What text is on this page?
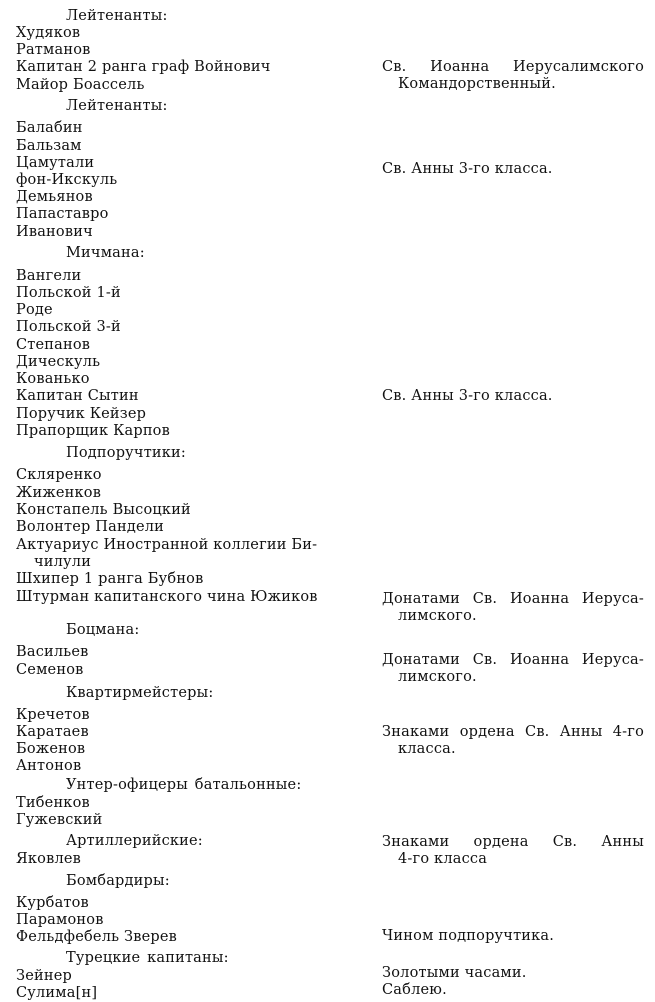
Лейтенанты:
Худяков
Ратманов
Капитан 2 ранга граф Войнович
Майор Боассель
Лейтенанты:
Балабин
Бальзам
Цамутали
фон-Икскуль
Демьянов
Папаставро
Иванович
Мичмана:
Вангели
Польской 1-й
Роде
Польской 3-й
Степанов
Дическуль
Кованько
Капитан Сытин
Поручик Кейзер
Прапорщик Карпов
Подпоручтики:
Скляренко
Жиженков
Констапель Высоцкий
Волонтер Пандели
Актуариус Иностранной коллегии Би-
чилули
Шхипер 1 ранга Бубнов
Штурман капитанского чина Южиков
Боцмана:
Васильев
Семенов
Квартирмейстеры:
Кречетов
Каратаев
Боженов
Антонов
Унтер-офицеры батальонные:
Тибенков
Гужевский
Артиллерийские:
Яковлев
Бомбардиры:
Курбатов
Парамонов
Фельдфебель Зверев
Турецкие капитаны:
Зейнер
Сулима[н]
Св. Иоанна Иерусалимского
Командорственный.
Св. Анны 3-го класса.
Св. Анны 3-го класса.
Донатами Св. Иоанна Иеруса-
лимского.
Донатами Св. Иоанна Иеруса-
лимского.
Знаками ордена Св. Анны 4-го
класса.
Знаками ордена Св. Анны
4-го класса
Чином подпоручтика.
Золотыми часами.
Саблею.
